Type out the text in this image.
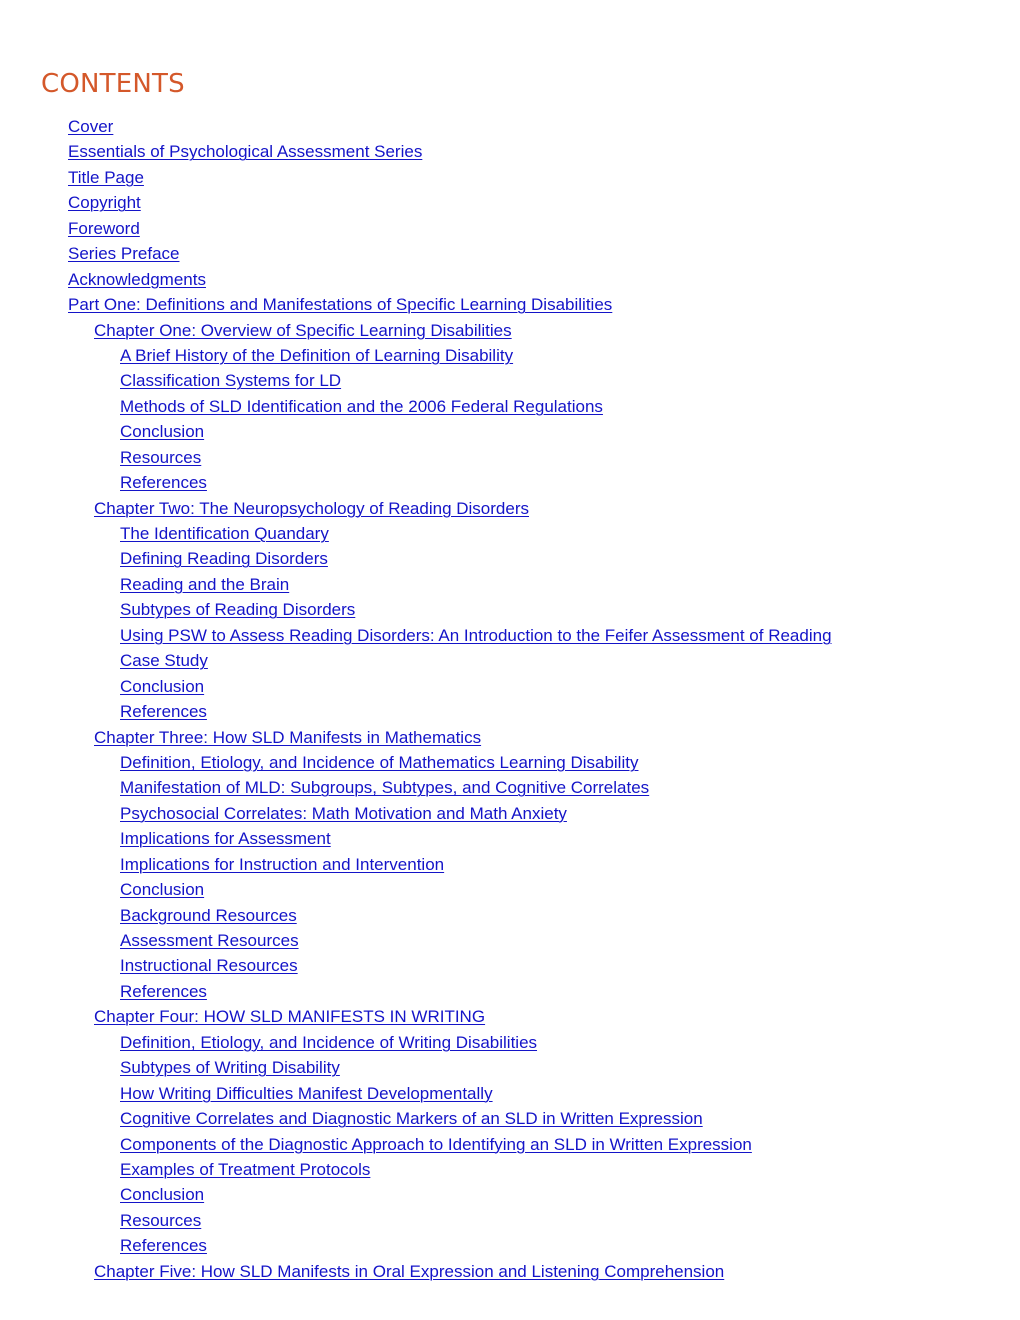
CONTENTS
Cover
Essentials of Psychological Assessment Series
Title Page
Copyright
Foreword
Series Preface
Acknowledgments
Part One: Definitions and Manifestations of Specific Learning Disabilities
Chapter One: Overview of Specific Learning Disabilities
A Brief History of the Definition of Learning Disability
Classification Systems for LD
Methods of SLD Identification and the 2006 Federal Regulations
Conclusion
Resources
References
Chapter Two: The Neuropsychology of Reading Disorders
The Identification Quandary
Defining Reading Disorders
Reading and the Brain
Subtypes of Reading Disorders
Using PSW to Assess Reading Disorders: An Introduction to the Feifer Assessment of Reading
Case Study
Conclusion
References
Chapter Three: How SLD Manifests in Mathematics
Definition, Etiology, and Incidence of Mathematics Learning Disability
Manifestation of MLD: Subgroups, Subtypes, and Cognitive Correlates
Psychosocial Correlates: Math Motivation and Math Anxiety
Implications for Assessment
Implications for Instruction and Intervention
Conclusion
Background Resources
Assessment Resources
Instructional Resources
References
Chapter Four: HOW SLD MANIFESTS IN WRITING
Definition, Etiology, and Incidence of Writing Disabilities
Subtypes of Writing Disability
How Writing Difficulties Manifest Developmentally
Cognitive Correlates and Diagnostic Markers of an SLD in Written Expression
Components of the Diagnostic Approach to Identifying an SLD in Written Expression
Examples of Treatment Protocols
Conclusion
Resources
References
Chapter Five: How SLD Manifests in Oral Expression and Listening Comprehension
